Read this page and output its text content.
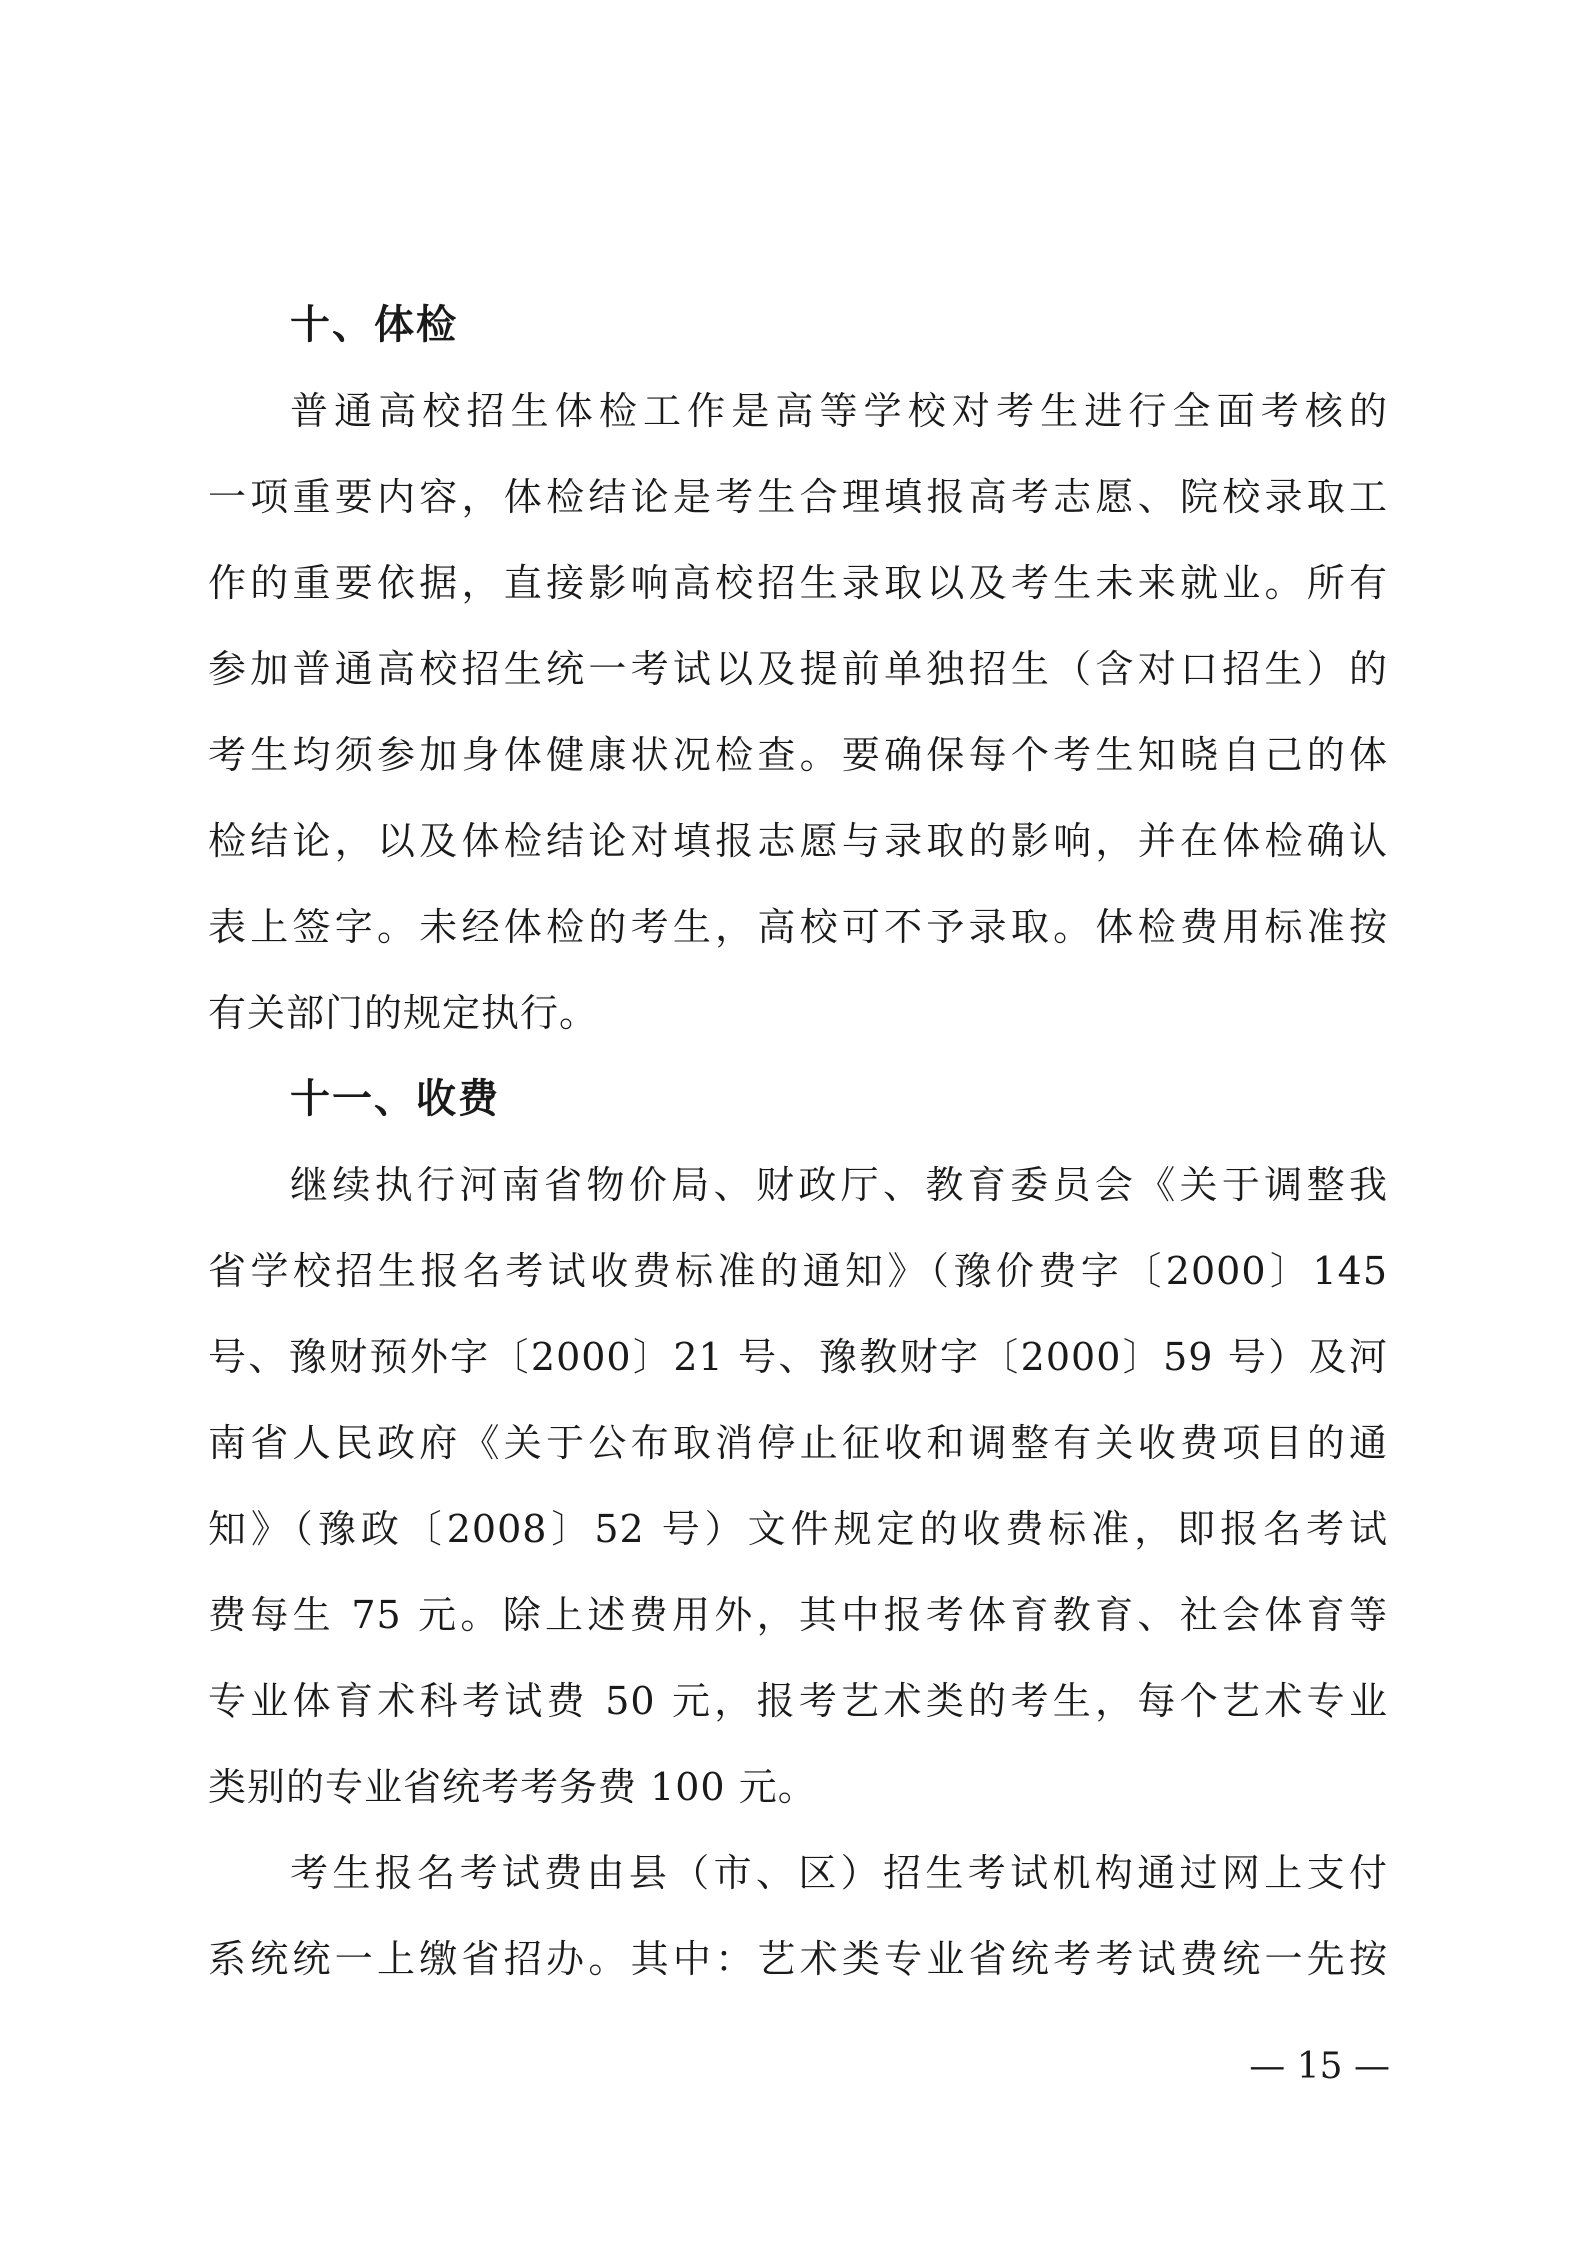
十、体检

普通高校招生体检工作是高等学校对考生进行全面考核的
一项重要内容，体检结论是考生合理填报高考志愿、院校录取工
作的重要依据，直接影响高校招生录取以及考生未来就业。所有
参加普通高校招生统一考试以及提前单独招生（含对口招生）的
考生均须参加身体健康状况检查。要确保每个考生知晓自己的体
检结论，以及体检结论对填报志愿与录取的影响，并在体检确认
表上签字。未经体检的考生，高校可不予录取。体检费用标准按
有关部门的规定执行。

十一、收费

继续执行河南省物价局、财政厅、教育委员会《关于调整我
省学校招生报名考试收费标准的通知》（豫价费字〔2000〕145
号、豫财预外字〔2000〕21 号、豫教财字〔2000〕59 号）及河
南省人民政府《关于公布取消停止征收和调整有关收费项目的通
知》（豫政〔2008〕52 号）文件规定的收费标准，即报名考试
费每生 75 元。除上述费用外，其中报考体育教育、社会体育等
专业体育术科考试费 50 元，报考艺术类的考生，每个艺术专业
类别的专业省统考考务费 100 元。

考生报名考试费由县（市、区）招生考试机构通过网上支付
系统统一上缴省招办。其中：艺术类专业省统考考试费统一先按

— 15 —
